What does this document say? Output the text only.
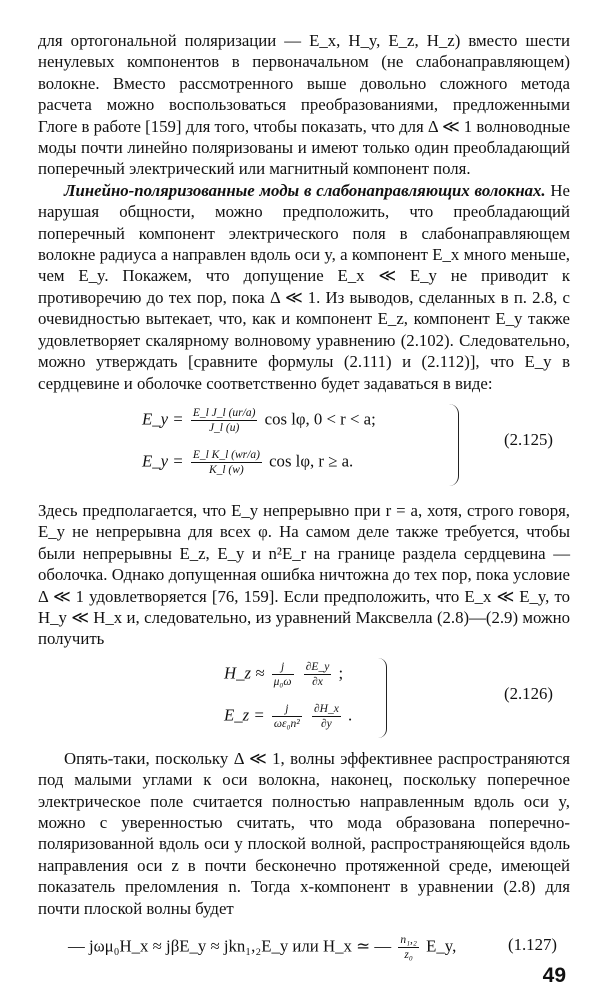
для ортогональной поляризации — E_x, H_y, E_z, H_z) вместо шести ненулевых компонентов в первоначальном (не слабонаправляющем) волокне. Вместо рассмотренного выше довольно сложного метода расчета можно воспользоваться преобразованиями, предложенными Глоге в работе [159] для того, чтобы показать, что для Δ ≪ 1 волноводные моды почти линейно поляризованы и имеют только один преобладающий поперечный электрический или магнитный компонент поля.

Линейно-поляризованные моды в слабонаправляющих волокнах. Не нарушая общности, можно предположить, что преобладающий поперечный компонент электрического поля в слабонаправляющем волокне радиуса a направлен вдоль оси y, а компонент E_x много меньше, чем E_y. Покажем, что допущение E_x ≪ E_y не приводит к противоречию до тех пор, пока Δ ≪ 1. Из выводов, сделанных в п. 2.8, с очевидностью вытекает, что, как и компонент E_z, компонент E_y также удовлетворяет скалярному волновому уравнению (2.102). Следовательно, можно утверждать [сравните формулы (2.111) и (2.112)], что E_y в сердцевине и оболочке соответственно будет задаваться в виде:

E_y = $\frac{\text{E\_l J\_l (ur/a)}}{J\_l (u)}$ cos lφ, 0 < r < a;
E_y = $\frac{\text{E\_l K\_l (wr/a)}}{K\_l (w)}$ cos lφ, r ≥ a.
(2.125)

Здесь предполагается, что E_y непрерывно при r = a, хотя, строго говоря, E_y не непрерывна для всех φ. На самом деле также требуется, чтобы были непрерывны E_z, E_y и n²E_r на границе раздела сердцевина — оболочка. Однако допущенная ошибка ничтожна до тех пор, пока условие Δ ≪ 1 удовлетворяется [76, 159]. Если предположить, что E_x ≪ E_y, то H_y ≪ H_x и, следовательно, из уравнений Максвелла (2.8)—(2.9) можно получить

H_z ≈ $\frac{j}{\text{μ₀ω}}$
$\frac{\partial E\_y}{\partial x}$ ;
E_z = $\frac{j}{\text{ωε₀n²}}$
$\frac{\partial H\_x}{\partial y}$ .
(2.126)

Опять-таки, поскольку Δ ≪ 1, волны эффективнее распространяются под малыми углами к оси волокна, наконец, поскольку поперечное электрическое поле считается полностью направленным вдоль оси y, можно с уверенностью считать, что мода образована поперечно-поляризованной вдоль оси y плоской волной, распространяющейся вдоль направления оси z в почти бесконечно протяженной среде, имеющей показатель преломления n. Тогда x-компонент в уравнении (2.8) для почти плоской волны будет

— jωμ₀H_x ≈ jβE_y ≈ jkn₁,₂E_y или H_x ≃ — $\frac{\text{n₁,₂}}{\text{z₀}}$ E_y,	(1.127)
49
